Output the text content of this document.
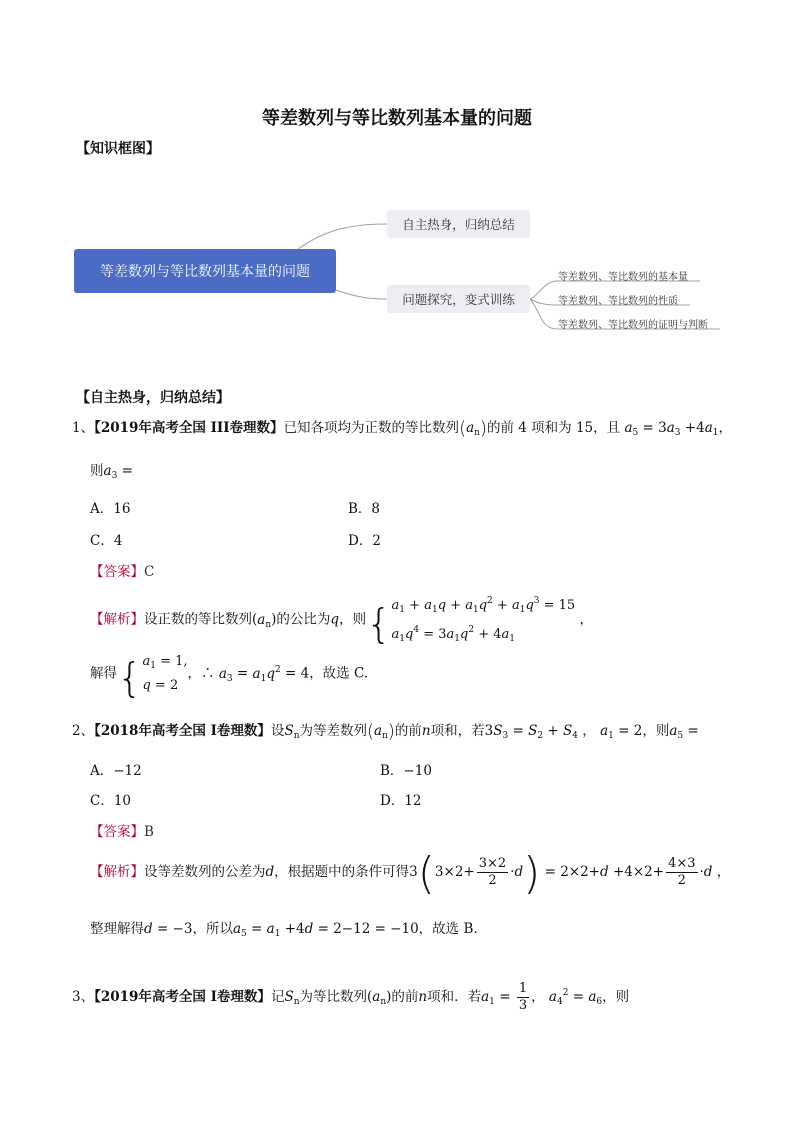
等差数列与等比数列基本量的问题
【知识框图】
等差数列与等比数列基本量的问题
自主热身，归纳总结
问题探究，变式训练
等差数列、等比数列的基本量
等差数列、等比数列的性质
等差数列、等比数列的证明与判断
【自主热身，归纳总结】
1、【2019年高考全国 III卷理数】已知各项均为正数的等比数列$(a_n)$的前 4 项和为 15，且 $a_5 = 3a_3 +4a_1$，
则$a_3$ =
A．16	B．8
C．4	D．2
【答案】C
【解析】设正数的等比数列$(a_n)$的公比为q，则{ $a_1 + a_1q + a_1q^2 + a_1q^3 = 15$
$a_1q^4 = 3a_1q^2 + 4a_1$
，
解得{ $a_1 = 1$,
q = 2
，∴ $a_3 = a_1q^2 = 4$，故选 C.
2、【2018年高考全国 I卷理数】设$S_n$为等差数列$(a_n)$的前n项和，若$3S_3 = S_2 + S_4$ ， $a_1 = 2$，则$a_5$ =
A．−12	B．−10
C．10	D．12
【答案】B
【解析】设等差数列的公差为d，根据题中的条件可得$3(3\times 2+ \frac{3\times 2}{2} \cdot d) = 2\times 2+d +4\times 2+ \frac{4\times 3}{2} \cdot d$ ，
整理解得d = −3，所以$a_5 = a_1 +4d = 2-12 = -10$，故选 B.
3、【2019年高考全国 I卷理数】记$S_n$为等比数列$(a_n)$的前n项和．若$a_1 = \frac{1}{3}$ ， $a_4^2 = a_6$，则
